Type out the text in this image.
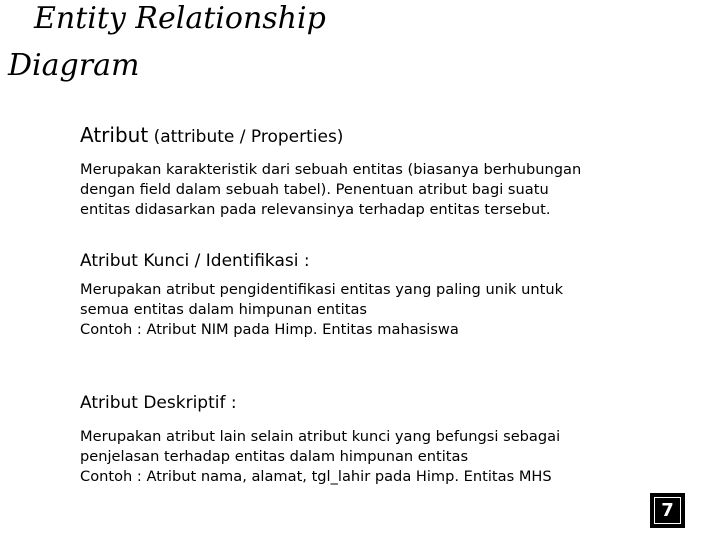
Entity Relationship
Diagram
Atribut (attribute / Properties)
Merupakan karakteristik dari sebuah entitas (biasanya berhubungan
dengan field dalam sebuah tabel). Penentuan atribut bagi suatu
entitas didasarkan pada relevansinya terhadap entitas tersebut.
Atribut Kunci / Identifikasi :
Merupakan atribut pengidentifikasi entitas yang paling unik untuk
semua entitas dalam himpunan entitas
Contoh : Atribut NIM pada Himp. Entitas mahasiswa
Atribut Deskriptif :
Merupakan atribut lain selain atribut kunci yang befungsi sebagai
penjelasan terhadap entitas dalam himpunan entitas
Contoh : Atribut nama, alamat, tgl_lahir pada Himp. Entitas MHS
7
